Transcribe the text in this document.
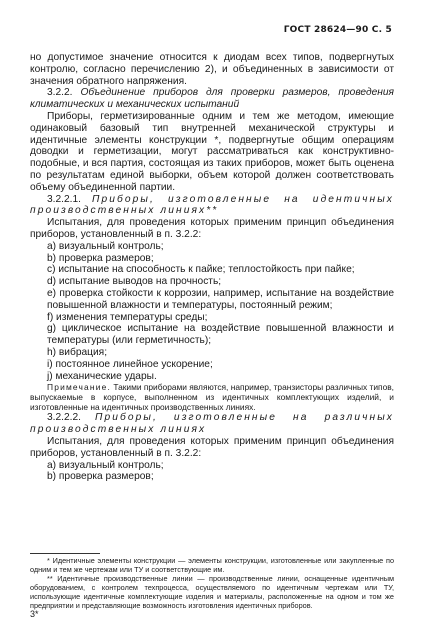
ГОСТ 28624—90 С. 5

но допустимое значение относится к диодам всех типов, подвергнутых контролю, согласно перечислению 2), и объединенных в зависимости от значения обратного напряжения.

3.2.2. Объединение приборов для проверки размеров, проведения климатических и механических испытаний

Приборы, герметизированные одним и тем же методом, имеющие одинаковый базовый тип внутренней механической структуры и идентичные элементы конструкции *, подвергнутые общим операциям доводки и герметизации, могут рассматриваться как конструктивно-подобные, и вся партия, состоящая из таких приборов, может быть оценена по результатам единой выборки, объем которой должен соответствовать объему объединенной партии.

3.2.2.1. Приборы, изготовленные на идентичных производственных линиях**

Испытания, для проведения которых применим принцип объединения приборов, установленный в п. 3.2.2:

а) визуальный контроль;

b) проверка размеров;

c) испытание на способность к пайке; теплостойкость при пайке;

d) испытание выводов на прочность;

e) проверка стойкости к коррозии, например, испытание на воздействие повышенной влажности и температуры, постоянный режим;

f) изменения температуры среды;

g) циклическое испытание на воздействие повышенной влажности и температуры (или герметичность);

h) вибрация;

i) постоянное линейное ускорение;

j) механические удары.

Примечание. Такими приборами являются, например, транзисторы различных типов, выпускаемые в корпусе, выполненном из идентичных комплектующих изделий, и изготовленные на идентичных производственных линиях.

3.2.2.2. Приборы, изготовленные на различных производственных линиях

Испытания, для проведения которых применим принцип объединения приборов, установленный в п. 3.2.2:

а) визуальный контроль;

b) проверка размеров;

* Идентичные элементы конструкции — элементы конструкции, изготовленные или закупленные по одним и тем же чертежам или ТУ и соответствующие им.

** Идентичные производственные линии — производственные линии, оснащенные идентичным оборудованием, с контролем техпроцесса, осуществляемого по идентичным чертежам или ТУ, использующие идентичные комплектующие изделия и материалы, расположенные на одном и том же предприятии и представляющие возможность изготовления идентичных приборов.

3*
